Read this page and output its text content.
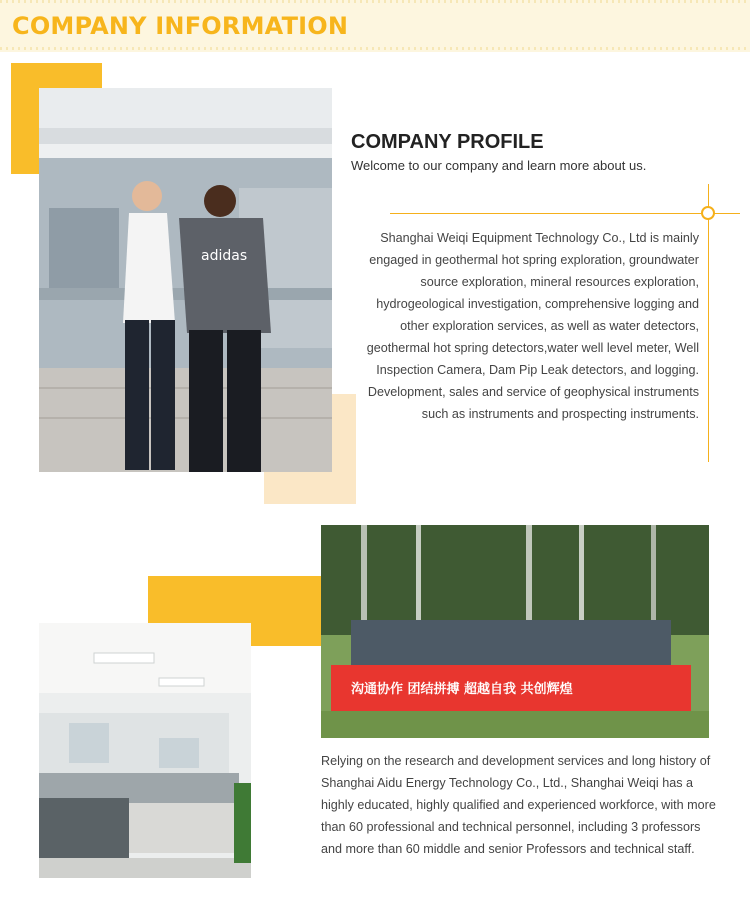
COMPANY INFORMATION
adidas
COMPANY PROFILE
Welcome to our company and learn more about us.
Shanghai Weiqi Equipment Technology Co., Ltd is mainly engaged in geothermal hot spring exploration, groundwater source exploration, mineral resources exploration, hydrogeological investigation, comprehensive logging and other exploration services, as well as water detectors, geothermal hot spring detectors,water well level meter, Well Inspection Camera, Dam Pip Leak detectors, and logging. Development, sales and service of geophysical instruments such as instruments and prospecting instruments.
沟通协作 团结拼搏 超越自我 共创辉煌
Relying on the research and development services and long history of Shanghai Aidu Energy Technology Co., Ltd., Shanghai Weiqi has a highly educated, highly qualified and experienced workforce, with more than 60 professional and technical personnel, including 3 professors and more than 60 middle and senior Professors and technical staff.
